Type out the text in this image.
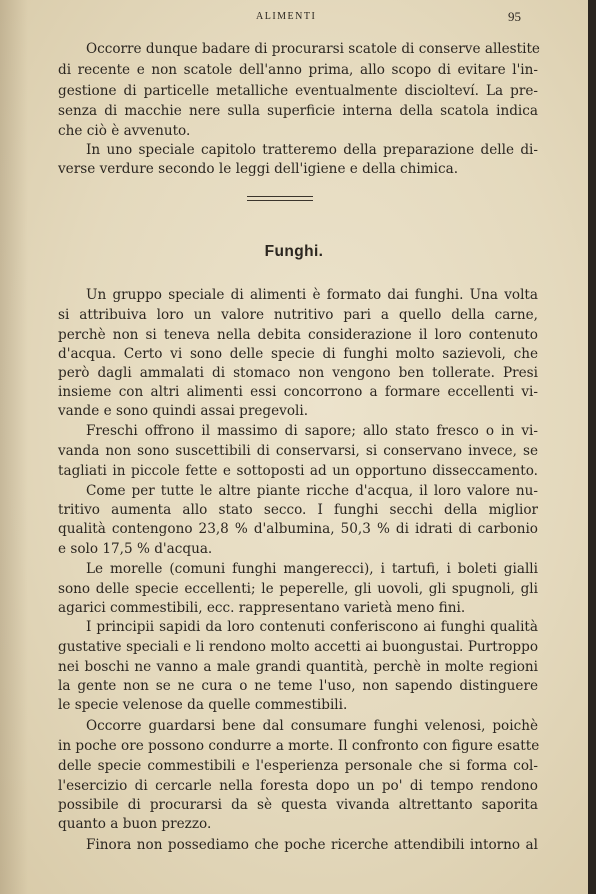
ALIMENTI	95
Occorre dunque badare di procurarsi scatole di conserve allestite
di recente e non scatole dell'anno prima, allo scopo di evitare l'in-
gestione di particelle metalliche eventualmente disciolteví. La pre-
senza di macchie nere sulla superficie interna della scatola indica
che ciò è avvenuto.
In uno speciale capitolo tratteremo della preparazione delle di-
verse verdure secondo le leggi dell'igiene e della chimica.
Funghi.
Un gruppo speciale di alimenti è formato dai funghi. Una volta
si attribuiva loro un valore nutritivo pari a quello della carne,
perchè non si teneva nella debita considerazione il loro contenuto
d'acqua. Certo vi sono delle specie di funghi molto sazievoli, che
però dagli ammalati di stomaco non vengono ben tollerate. Presi
insieme con altri alimenti essi concorrono a formare eccellenti vi-
vande e sono quindi assai pregevoli.
Freschi offrono il massimo di sapore; allo stato fresco o in vi-
vanda non sono suscettibili di conservarsi, si conservano invece, se
tagliati in piccole fette e sottoposti ad un opportuno disseccamento.
Come per tutte le altre piante ricche d'acqua, il loro valore nu-
tritivo aumenta allo stato secco. I funghi secchi della miglior
qualità contengono 23,8 % d'albumina, 50,3 % di idrati di carbonio
e solo 17,5 % d'acqua.
Le morelle (comuni funghi mangerecci), i tartufi, i boleti gialli
sono delle specie eccellenti; le peperelle, gli uovoli, gli spugnoli, gli
agarici commestibili, ecc. rappresentano varietà meno fini.
I principii sapidi da loro contenuti conferiscono ai funghi qualità
gustative speciali e li rendono molto accetti ai buongustai. Purtroppo
nei boschi ne vanno a male grandi quantità, perchè in molte regioni
la gente non se ne cura o ne teme l'uso, non sapendo distinguere
le specie velenose da quelle commestibili.
Occorre guardarsi bene dal consumare funghi velenosi, poichè
in poche ore possono condurre a morte. Il confronto con figure esatte
delle specie commestibili e l'esperienza personale che si forma col-
l'esercizio di cercarle nella foresta dopo un po' di tempo rendono
possibile di procurarsi da sè questa vivanda altrettanto saporita
quanto a buon prezzo.
Finora non possediamo che poche ricerche attendibili intorno al
